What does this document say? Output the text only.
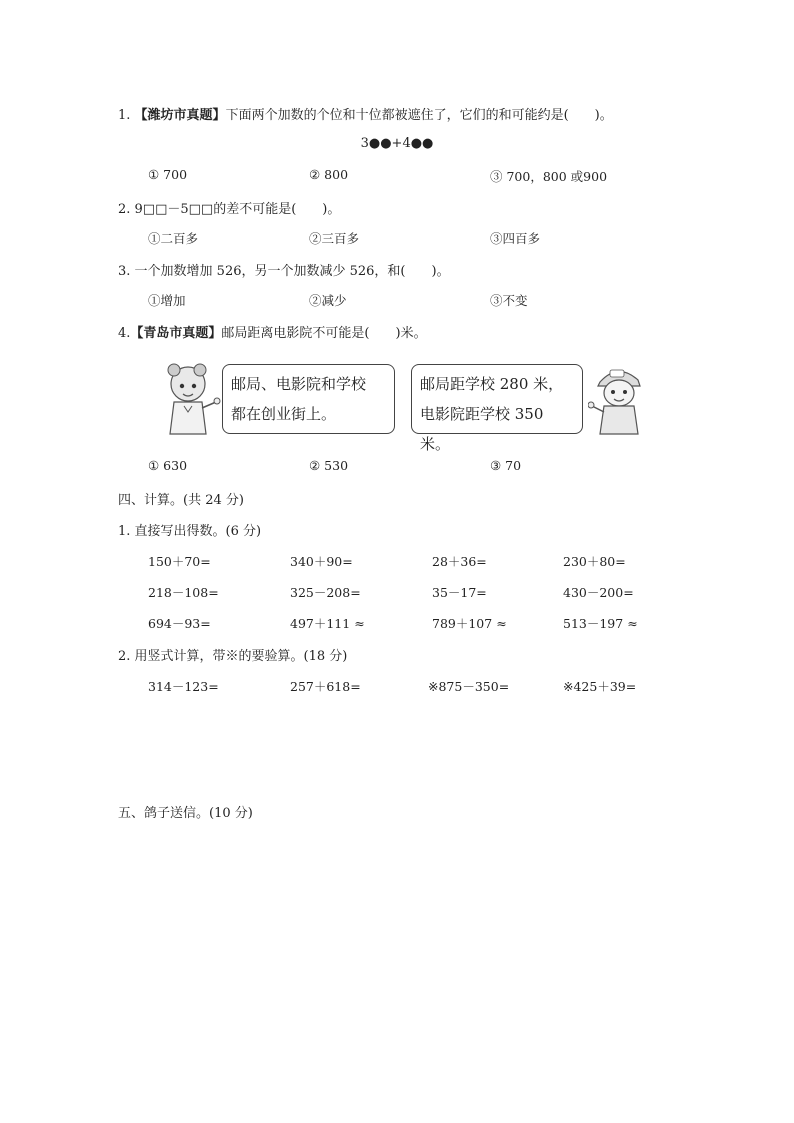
1. 【潍坊市真题】下面两个加数的个位和十位都被遮住了，它们的和可能约是(　　)。
3●●+4●●
① 700	② 800	③ 700，800 或900
2. 9□□－5□□的差不可能是(　　)。
①二百多	②三百多	③四百多
3. 一个加数增加 526，另一个加数减少 526，和(　　)。
①增加	②减少	③不变
4.【青岛市真题】邮局距离电影院不可能是(　　)米。
邮局、电影院和学校
都在创业街上。
邮局距学校 280 米，
电影院距学校 350 米。
① 630	② 530	③ 70
四、计算。(共 24 分)
1. 直接写出得数。(6 分)
150＋70=	340＋90=	28＋36=	230＋80=
218－108=	325－208=	35－17=	430－200=
694－93=	497＋111 ≈	789＋107 ≈	513－197 ≈
2. 用竖式计算，带※的要验算。(18 分)
314－123=	257＋618=	※875－350=	※425＋39=
五、鸽子送信。(10 分)
